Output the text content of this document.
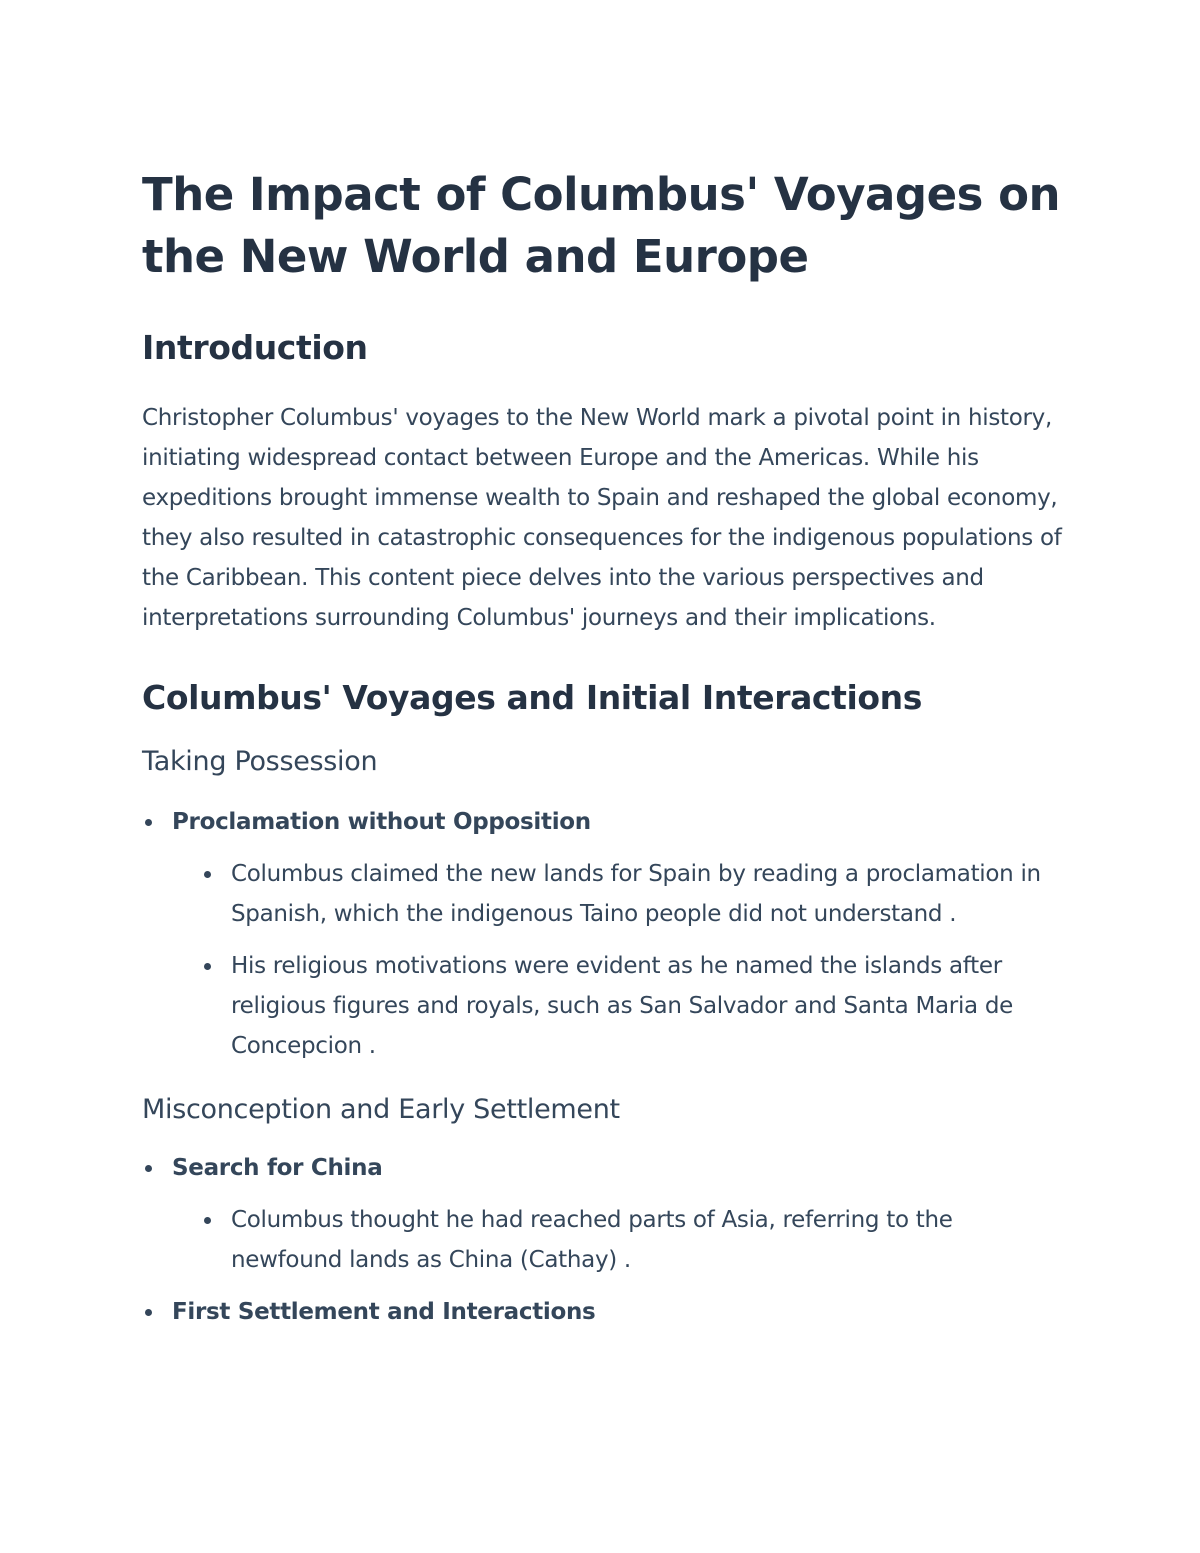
The Impact of Columbus' Voyages on the New World and Europe
Introduction

Christopher Columbus' voyages to the New World mark a pivotal point in history, initiating widespread contact between Europe and the Americas. While his expeditions brought immense wealth to Spain and reshaped the global economy, they also resulted in catastrophic consequences for the indigenous populations of the Caribbean. This content piece delves into the various perspectives and interpretations surrounding Columbus' journeys and their implications.

Columbus' Voyages and Initial Interactions
Taking Possession
Proclamation without Opposition
Columbus claimed the new lands for Spain by reading a proclamation in Spanish, which the indigenous Taino people did not understand .
His religious motivations were evident as he named the islands after religious figures and royals, such as San Salvador and Santa Maria de Concepcion .
Misconception and Early Settlement
Search for China
Columbus thought he had reached parts of Asia, referring to the newfound lands as China (Cathay) .
First Settlement and Interactions
